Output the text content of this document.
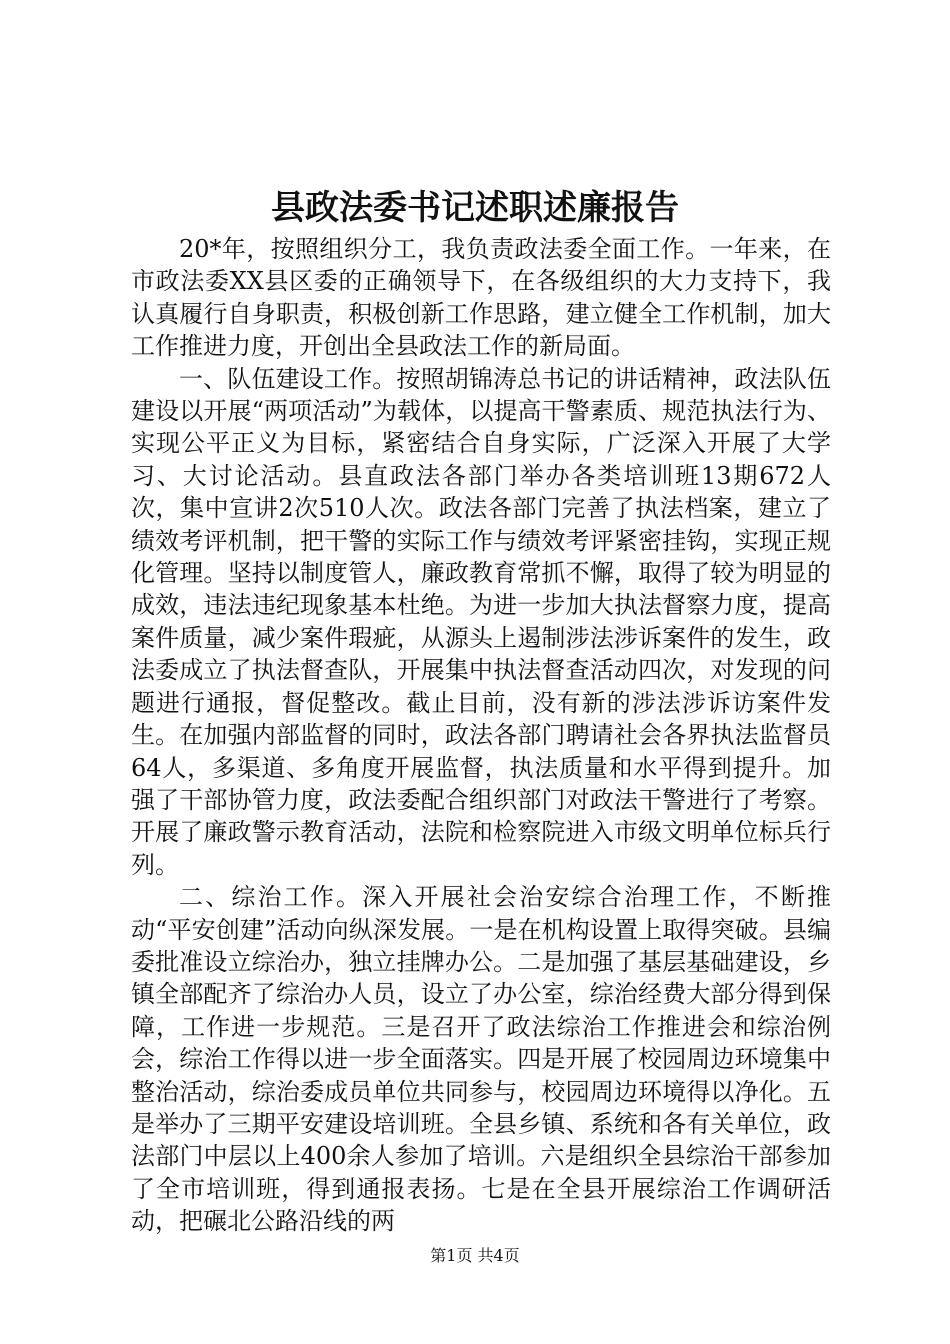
县政法委书记述职述廉报告

20*年，按照组织分工，我负责政法委全面工作。一年来，在市政法委XX县区委的正确领导下，在各级组织的大力支持下，我认真履行自身职责，积极创新工作思路，建立健全工作机制，加大工作推进力度，开创出全县政法工作的新局面。

一、队伍建设工作。按照胡锦涛总书记的讲话精神，政法队伍建设以开展“两项活动”为载体，以提高干警素质、规范执法行为、实现公平正义为目标，紧密结合自身实际，广泛深入开展了大学习、大讨论活动。县直政法各部门举办各类培训班13期672人次，集中宣讲2次510人次。政法各部门完善了执法档案，建立了绩效考评机制，把干警的实际工作与绩效考评紧密挂钩，实现正规化管理。坚持以制度管人，廉政教育常抓不懈，取得了较为明显的成效，违法违纪现象基本杜绝。为进一步加大执法督察力度，提高案件质量，减少案件瑕疵，从源头上遏制涉法涉诉案件的发生，政法委成立了执法督查队，开展集中执法督查活动四次，对发现的问题进行通报，督促整改。截止目前，没有新的涉法涉诉访案件发生。在加强内部监督的同时，政法各部门聘请社会各界执法监督员64人，多渠道、多角度开展监督，执法质量和水平得到提升。加强了干部协管力度，政法委配合组织部门对政法干警进行了考察。开展了廉政警示教育活动，法院和检察院进入市级文明单位标兵行列。

二、综治工作。深入开展社会治安综合治理工作，不断推动“平安创建”活动向纵深发展。一是在机构设置上取得突破。县编委批准设立综治办，独立挂牌办公。二是加强了基层基础建设，乡镇全部配齐了综治办人员，设立了办公室，综治经费大部分得到保障，工作进一步规范。三是召开了政法综治工作推进会和综治例会，综治工作得以进一步全面落实。四是开展了校园周边环境集中整治活动，综治委成员单位共同参与，校园周边环境得以净化。五是举办了三期平安建设培训班。全县乡镇、系统和各有关单位，政法部门中层以上400余人参加了培训。六是组织全县综治干部参加了全市培训班，得到通报表扬。七是在全县开展综治工作调研活动，把碾北公路沿线的两

第1页 共4页
